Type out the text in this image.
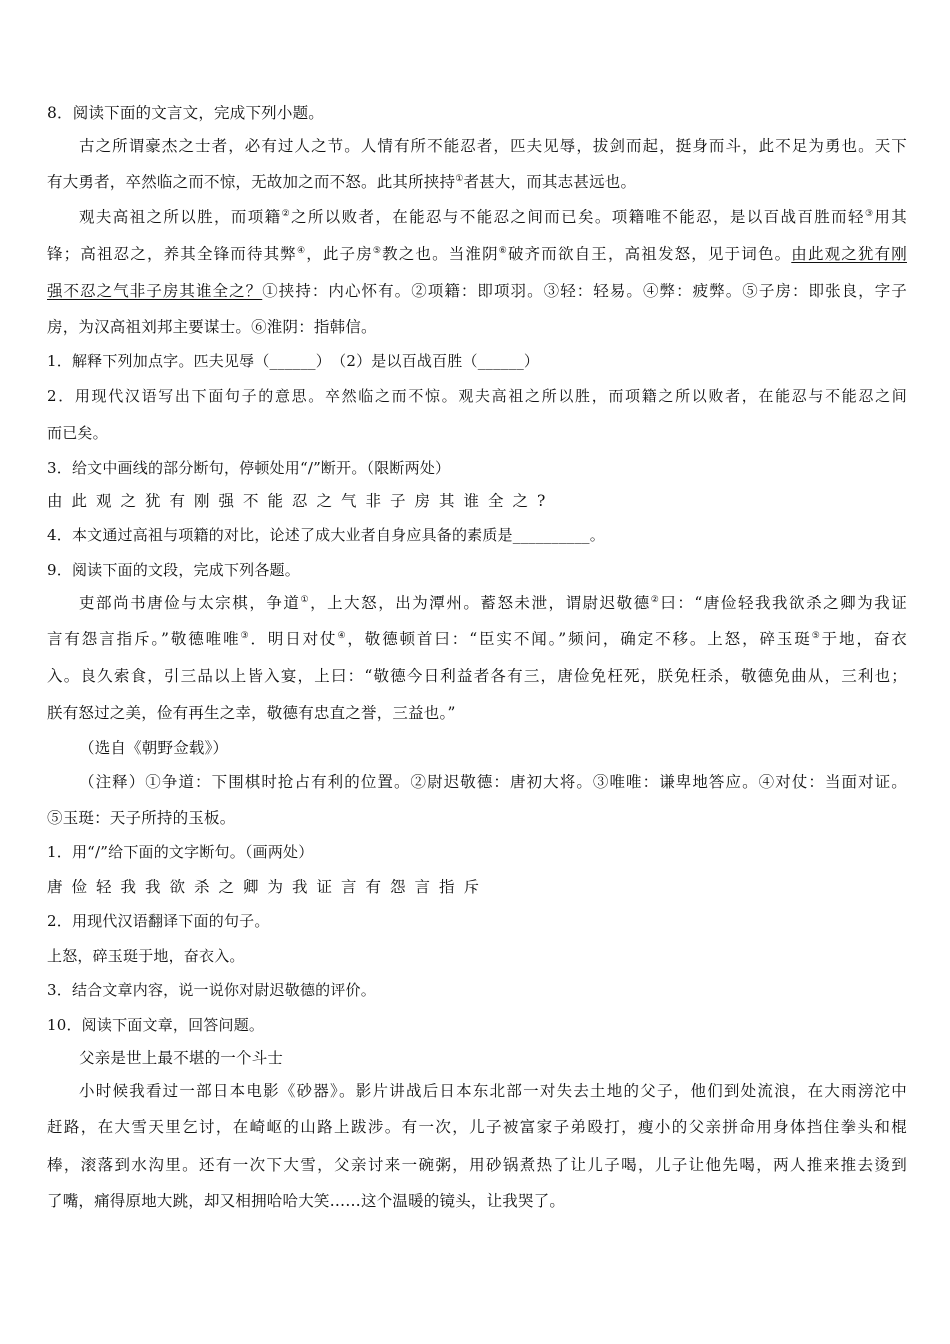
8．阅读下面的文言文，完成下列小题。
古之所谓豪杰之士者，必有过人之节。人情有所不能忍者，匹夫见辱，拔剑而起，挺身而斗，此不足为勇也。天下
有大勇者，卒然临之而不惊，无故加之而不怒。此其所挟持①者甚大，而其志甚远也。
观夫高祖之所以胜，而项籍②之所以败者，在能忍与不能忍之间而已矣。项籍唯不能忍，是以百战百胜而轻③用其
锋；高祖忍之，养其全锋而待其弊④，此子房⑤教之也。当淮阴⑥破齐而欲自王，高祖发怒，见于词色。由此观之犹有刚
强不忍之气非子房其谁全之？①挟持：内心怀有。②项籍：即项羽。③轻：轻易。④弊：疲弊。⑤子房：即张良，字子
房，为汉高祖刘邦主要谋士。⑥淮阴：指韩信。
1．解释下列加点字。匹夫见辱（______）　（2）是以百战百胜（______）
2．用现代汉语写出下面句子的意思。卒然临之而不惊。观夫高祖之所以胜，而项籍之所以败者，在能忍与不能忍之间
而已矣。
3．给文中画线的部分断句，停顿处用“/”断开。（限断两处）
由此观之犹有刚强不能忍之气非子房其谁全之?
4．本文通过高祖与项籍的对比，论述了成大业者自身应具备的素质是__________。
9．阅读下面的文段，完成下列各题。
吏部尚书唐俭与太宗棋，争道①，上大怒，出为潭州。蓄怒未泄，谓尉迟敬德②曰：“唐俭轻我我欲杀之卿为我证
言有怨言指斥。”敬德唯唯③．明日对仗④，敬德顿首曰：“臣实不闻。”频问，确定不移。上怒，碎玉珽⑤于地，奋衣
入。良久索食，引三品以上皆入宴，上曰：“敬德今日利益者各有三，唐俭免枉死，朕免枉杀，敬德免曲从，三利也；
朕有怒过之美，俭有再生之幸，敬德有忠直之誉，三益也。”
（选自《朝野佥载》）
（注释）①争道：下围棋时抢占有利的位置。②尉迟敬德：唐初大将。③唯唯：谦卑地答应。④对仗：当面对证。
⑤玉珽：天子所持的玉板。
1．用“/”给下面的文字断句。（画两处）
唐俭轻我我欲杀之卿为我证言有怨言指斥
2．用现代汉语翻译下面的句子。
上怒，碎玉珽于地，奋衣入。
3．结合文章内容，说一说你对尉迟敬德的评价。
10．阅读下面文章，回答问题。
父亲是世上最不堪的一个斗士
小时候我看过一部日本电影《砂器》。影片讲战后日本东北部一对失去土地的父子，他们到处流浪，在大雨滂沱中
赶路，在大雪天里乞讨，在崎岖的山路上跋涉。有一次，儿子被富家子弟殴打，瘦小的父亲拼命用身体挡住拳头和棍
棒，滚落到水沟里。还有一次下大雪，父亲讨来一碗粥，用砂锅煮热了让儿子喝，儿子让他先喝，两人推来推去烫到
了嘴，痛得原地大跳，却又相拥哈哈大笑……这个温暖的镜头，让我哭了。
